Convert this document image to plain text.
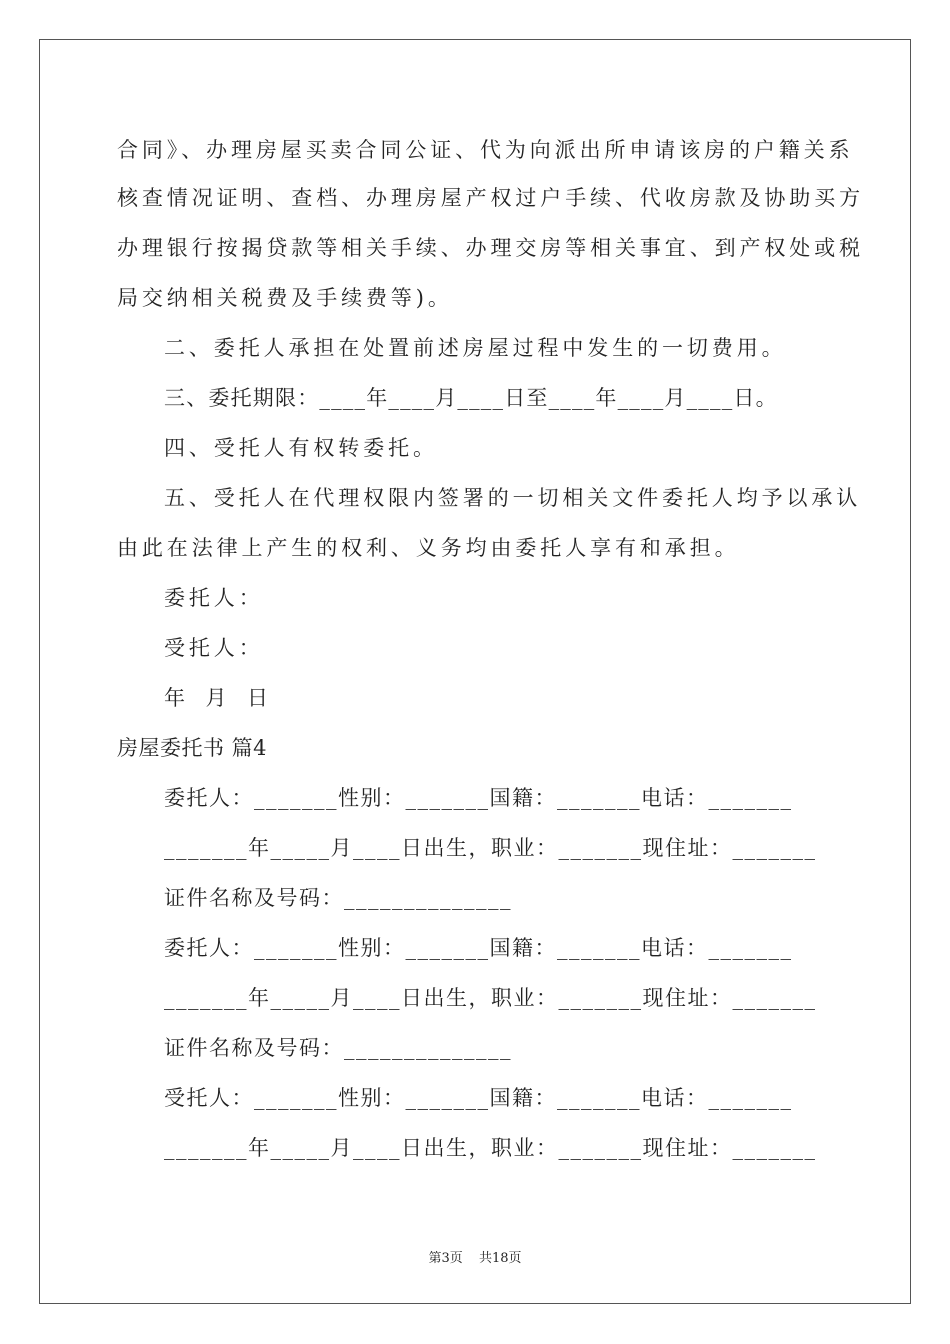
合同》、办理房屋买卖合同公证、代为向派出所申请该房的户籍关系
核查情况证明、查档、办理房屋产权过户手续、代收房款及协助买方
办理银行按揭贷款等相关手续、办理交房等相关事宜、到产权处或税
局交纳相关税费及手续费等)。
二、委托人承担在处置前述房屋过程中发生的一切费用。
三、委托期限：____年____月____日至____年____月____日。
四、受托人有权转委托。
五、受托人在代理权限内签署的一切相关文件委托人均予以承认
由此在法律上产生的权利、义务均由委托人享有和承担。
委托人：
受托人：
年 月 日
房屋委托书 篇4
委托人：_______性别：_______国籍：_______电话：_______
_______年_____月____日出生，职业：_______现住址：_______
证件名称及号码：______________
委托人：_______性别：_______国籍：_______电话：_______
_______年_____月____日出生，职业：_______现住址：_______
证件名称及号码：______________
受托人：_______性别：_______国籍：_______电话：_______
_______年_____月____日出生，职业：_______现住址：_______
第3页 共18页
